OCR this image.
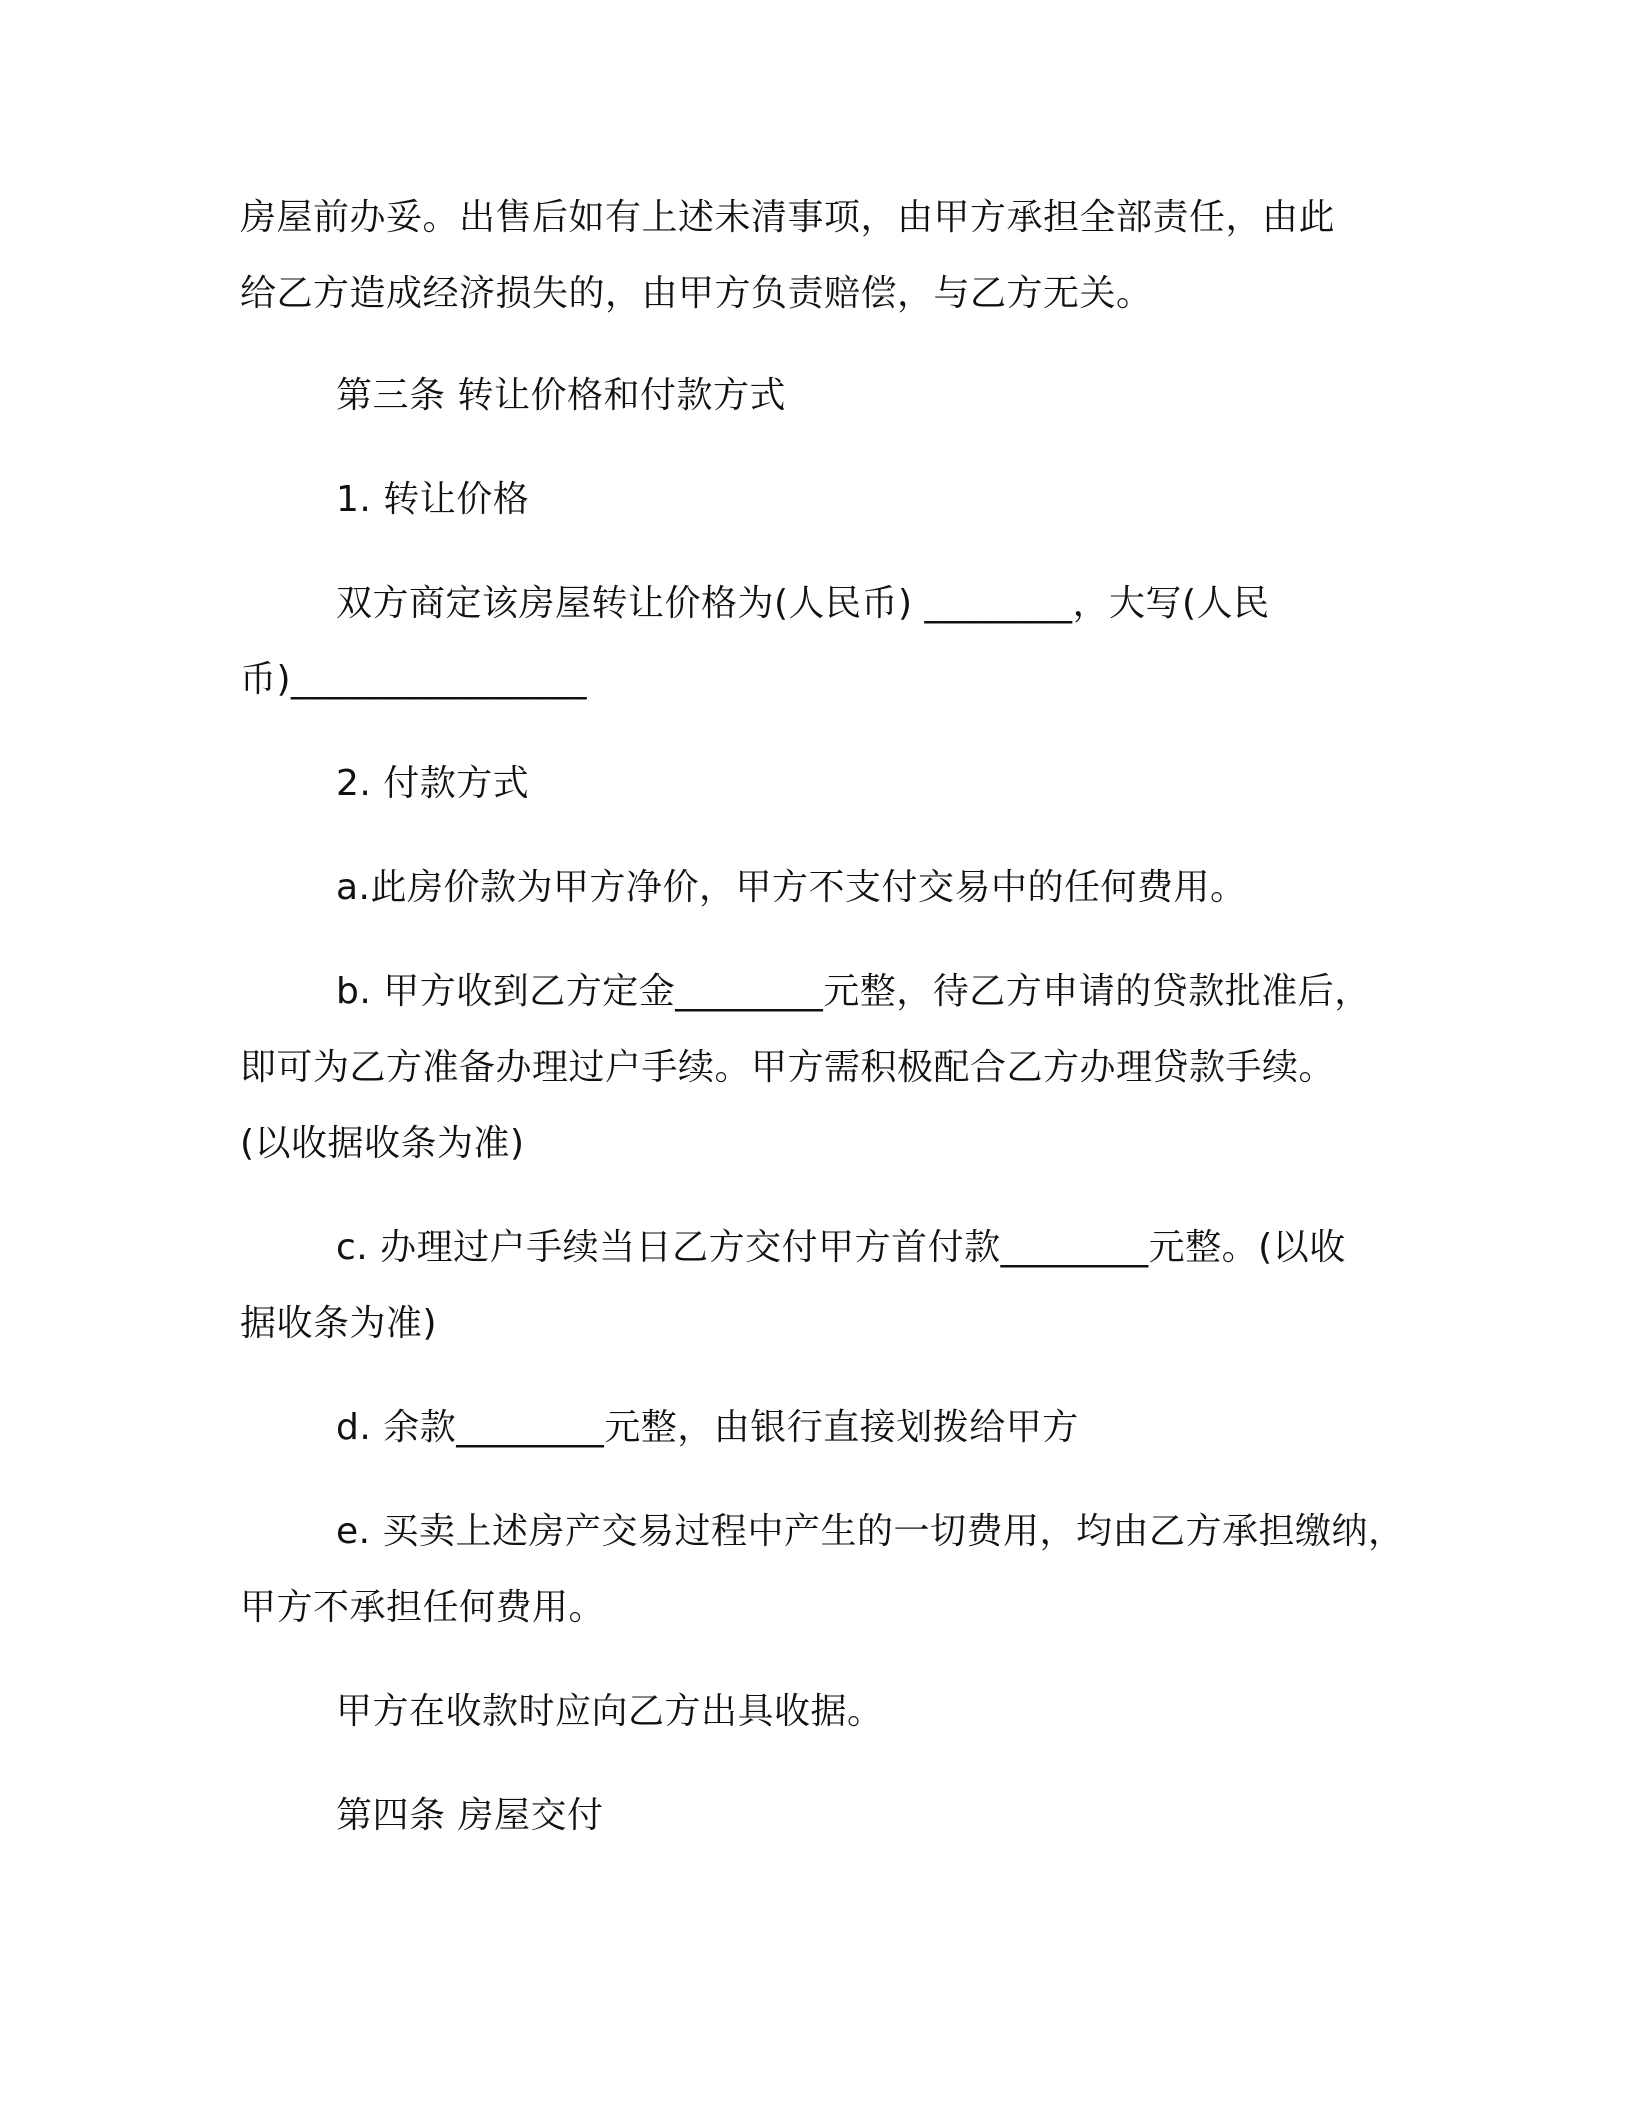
房屋前办妥。出售后如有上述未清事项，由甲方承担全部责任，由此
给乙方造成经济损失的，由甲方负责赔偿，与乙方无关。
第三条 转让价格和付款方式
1. 转让价格
双方商定该房屋转让价格为(人民币) ________，大写(人民
币)________________
2. 付款方式
a.此房价款为甲方净价，甲方不支付交易中的任何费用。
b. 甲方收到乙方定金________元整，待乙方申请的贷款批准后，
即可为乙方准备办理过户手续。甲方需积极配合乙方办理贷款手续。
(以收据收条为准)
c. 办理过户手续当日乙方交付甲方首付款________元整。(以收
据收条为准)
d. 余款________元整，由银行直接划拨给甲方
e. 买卖上述房产交易过程中产生的一切费用，均由乙方承担缴纳，
甲方不承担任何费用。
甲方在收款时应向乙方出具收据。
第四条 房屋交付
